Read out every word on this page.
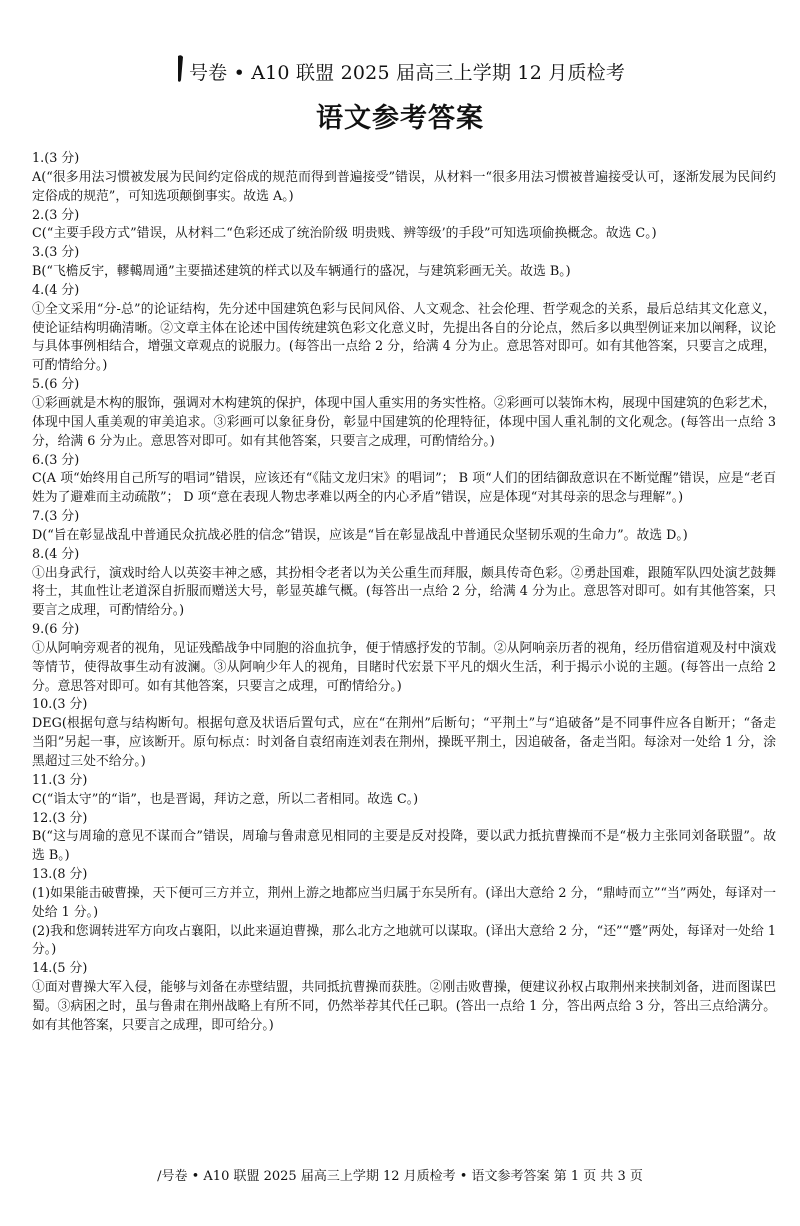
号卷 • A10 联盟 2025 届高三上学期 12 月质检考
语文参考答案

1.(3 分)

A(“很多用法习惯被发展为民间约定俗成的规范而得到普遍接受”错误，从材料一“很多用法习惯被普遍接受认可，逐渐发展为民间约定俗成的规范”，可知选项颠倒事实。故选 A。)

2.(3 分)

C(“主要手段方式”错误，从材料二“色彩还成了统治阶级 明贵贱、辨等级’的手段”可知选项偷换概念。故选 C。)

3.(3 分)

B(“飞檐反宇，轇轕周通”主要描述建筑的样式以及车辆通行的盛况，与建筑彩画无关。故选 B。)

4.(4 分)

①全文采用“分-总”的论证结构，先分述中国建筑色彩与民间风俗、人文观念、社会伦理、哲学观念的关系，最后总结其文化意义，使论证结构明确清晰。②文章主体在论述中国传统建筑色彩文化意义时，先提出各自的分论点，然后多以典型例证来加以阐释，议论与具体事例相结合，增强文章观点的说服力。(每答出一点给 2 分，给满 4 分为止。意思答对即可。如有其他答案，只要言之成理，可酌情给分。)

5.(6 分)

①彩画就是木构的服饰，强调对木构建筑的保护，体现中国人重实用的务实性格。②彩画可以装饰木构，展现中国建筑的色彩艺术，体现中国人重美观的审美追求。③彩画可以象征身份，彰显中国建筑的伦理特征，体现中国人重礼制的文化观念。(每答出一点给 3 分，给满 6 分为止。意思答对即可。如有其他答案，只要言之成理，可酌情给分。)

6.(3 分)

C(A 项“始终用自己所写的唱词”错误，应该还有“《陆文龙归宋》的唱词”； B 项“人们的团结御敌意识在不断觉醒”错误，应是“老百姓为了避难而主动疏散”； D 项“意在表现人物忠孝难以两全的内心矛盾”错误，应是体现“对其母亲的思念与理解”。)

7.(3 分)

D(“旨在彰显战乱中普通民众抗战必胜的信念”错误，应该是“旨在彰显战乱中普通民众坚韧乐观的生命力”。故选 D。)

8.(4 分)

①出身武行，演戏时给人以英姿丰神之感，其扮相令老者以为关公重生而拜服，颇具传奇色彩。②勇赴国难，跟随军队四处演艺鼓舞将士，其血性让老道深自折服而赠送大号，彰显英雄气概。(每答出一点给 2 分，给满 4 分为止。意思答对即可。如有其他答案，只要言之成理，可酌情给分。)

9.(6 分)

①从阿响旁观者的视角，见证残酷战争中同胞的浴血抗争，便于情感抒发的节制。②从阿响亲历者的视角，经历借宿道观及村中演戏等情节，使得故事生动有波澜。③从阿响少年人的视角，目睹时代宏景下平凡的烟火生活，利于揭示小说的主题。(每答出一点给 2 分。意思答对即可。如有其他答案，只要言之成理，可酌情给分。)

10.(3 分)

DEG(根据句意与结构断句。根据句意及状语后置句式，应在“在荆州”后断句；“平荆土”与“追破备”是不同事件应各自断开；“备走当阳”另起一事，应该断开。原句标点：时刘备自袁绍南连刘表在荆州，操既平荆土，因追破备，备走当阳。每涂对一处给 1 分，涂黑超过三处不给分。)

11.(3 分)

C(“诣太守”的“诣”，也是晋谒，拜访之意，所以二者相同。故选 C。)

12.(3 分)

B(“这与周瑜的意见不谋而合”错误，周瑜与鲁肃意见相同的主要是反对投降，要以武力抵抗曹操而不是“极力主张同刘备联盟”。故选 B。)

13.(8 分)

(1)如果能击破曹操，天下便可三方并立，荆州上游之地都应当归属于东吴所有。(译出大意给 2 分，“鼎峙而立”“当”两处，每译对一处给 1 分。)

(2)我和您调转进军方向攻占襄阳，以此来逼迫曹操，那么北方之地就可以谋取。(译出大意给 2 分，“还”“蹙”两处，每译对一处给 1 分。)

14.(5 分)

①面对曹操大军入侵，能够与刘备在赤壁结盟，共同抵抗曹操而获胜。②刚击败曹操，便建议孙权占取荆州来挟制刘备，进而图谋巴蜀。③病困之时，虽与鲁肃在荆州战略上有所不同，仍然举荐其代任己职。(答出一点给 1 分，答出两点给 3 分，答出三点给满分。如有其他答案，只要言之成理，即可给分。)

/号卷 • A10 联盟 2025 届高三上学期 12 月质检考 • 语文参考答案 第 1 页 共 3 页
